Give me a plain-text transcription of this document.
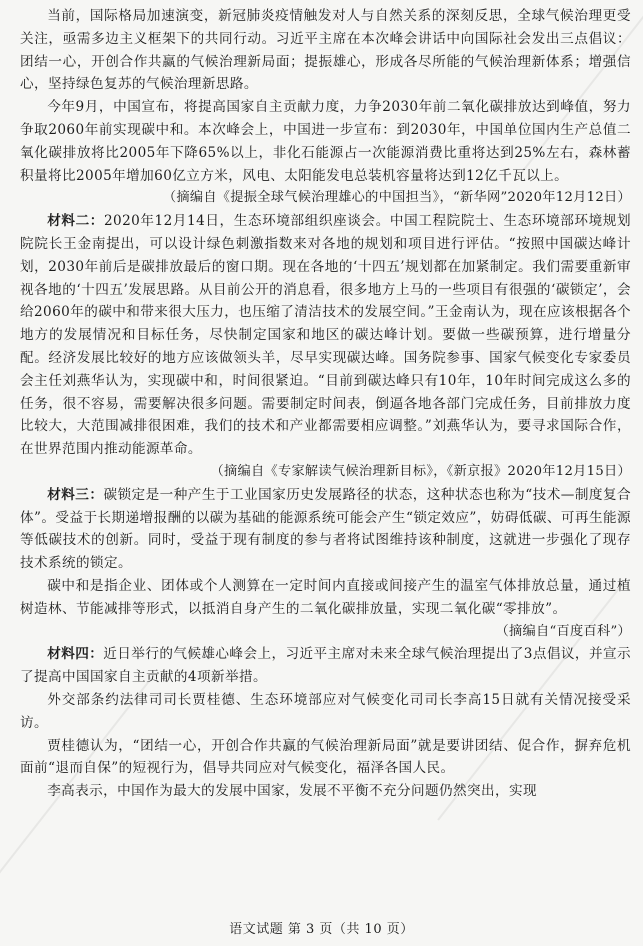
当前，国际格局加速演变，新冠肺炎疫情触发对人与自然关系的深刻反思，全球气候治理更受关注，亟需多边主义框架下的共同行动。习近平主席在本次峰会讲话中向国际社会发出三点倡议：团结一心，开创合作共赢的气候治理新局面；提振雄心，形成各尽所能的气候治理新体系；增强信心，坚持绿色复苏的气候治理新思路。

今年9月，中国宣布，将提高国家自主贡献力度，力争2030年前二氧化碳排放达到峰值，努力争取2060年前实现碳中和。本次峰会上，中国进一步宣布：到2030年，中国单位国内生产总值二氧化碳排放将比2005年下降65%以上，非化石能源占一次能源消费比重将达到25%左右，森林蓄积量将比2005年增加60亿立方米，风电、太阳能发电总装机容量将达到12亿千瓦以上。

（摘编自《提振全球气候治理雄心的中国担当》，“新华网”2020年12月12日）

材料二：2020年12月14日，生态环境部组织座谈会。中国工程院院士、生态环境部环境规划院院长王金南提出，可以设计绿色刺激指数来对各地的规划和项目进行评估。“按照中国碳达峰计划，2030年前后是碳排放最后的窗口期。现在各地的‘十四五’规划都在加紧制定。我们需要重新审视各地的‘十四五’发展思路。从目前公开的消息看，很多地方上马的一些项目有很强的‘碳锁定’，会给2060年的碳中和带来很大压力，也压缩了清洁技术的发展空间。”王金南认为，现在应该根据各个地方的发展情况和目标任务，尽快制定国家和地区的碳达峰计划。要做一些碳预算，进行增量分配。经济发展比较好的地方应该做领头羊，尽早实现碳达峰。国务院参事、国家气候变化专家委员会主任刘燕华认为，实现碳中和，时间很紧迫。“目前到碳达峰只有10年，10年时间完成这么多的任务，很不容易，需要解决很多问题。需要制定时间表，倒逼各地各部门完成任务，目前排放力度比较大，大范围减排很困难，我们的技术和产业都需要相应调整。”刘燕华认为，要寻求国际合作，在世界范围内推动能源革命。

（摘编自《专家解读气候治理新目标》，《新京报》2020年12月15日）

材料三：碳锁定是一种产生于工业国家历史发展路径的状态，这种状态也称为“技术—制度复合体”。受益于长期递增报酬的以碳为基础的能源系统可能会产生“锁定效应”，妨碍低碳、可再生能源等低碳技术的创新。同时，受益于现有制度的参与者将试图维持该种制度，这就进一步强化了现存技术系统的锁定。

碳中和是指企业、团体或个人测算在一定时间内直接或间接产生的温室气体排放总量，通过植树造林、节能减排等形式，以抵消自身产生的二氧化碳排放量，实现二氧化碳“零排放”。

（摘编自“百度百科”）

材料四：近日举行的气候雄心峰会上，习近平主席对未来全球气候治理提出了3点倡议，并宣示了提高中国国家自主贡献的4项新举措。

外交部条约法律司司长贾桂德、生态环境部应对气候变化司司长李高15日就有关情况接受采访。

贾桂德认为，“团结一心，开创合作共赢的气候治理新局面”就是要讲团结、促合作，摒弃危机面前“退而自保”的短视行为，倡导共同应对气候变化，福泽各国人民。

李高表示，中国作为最大的发展中国家，发展不平衡不充分问题仍然突出，实现

语文试题 第 3 页（共 10 页）
